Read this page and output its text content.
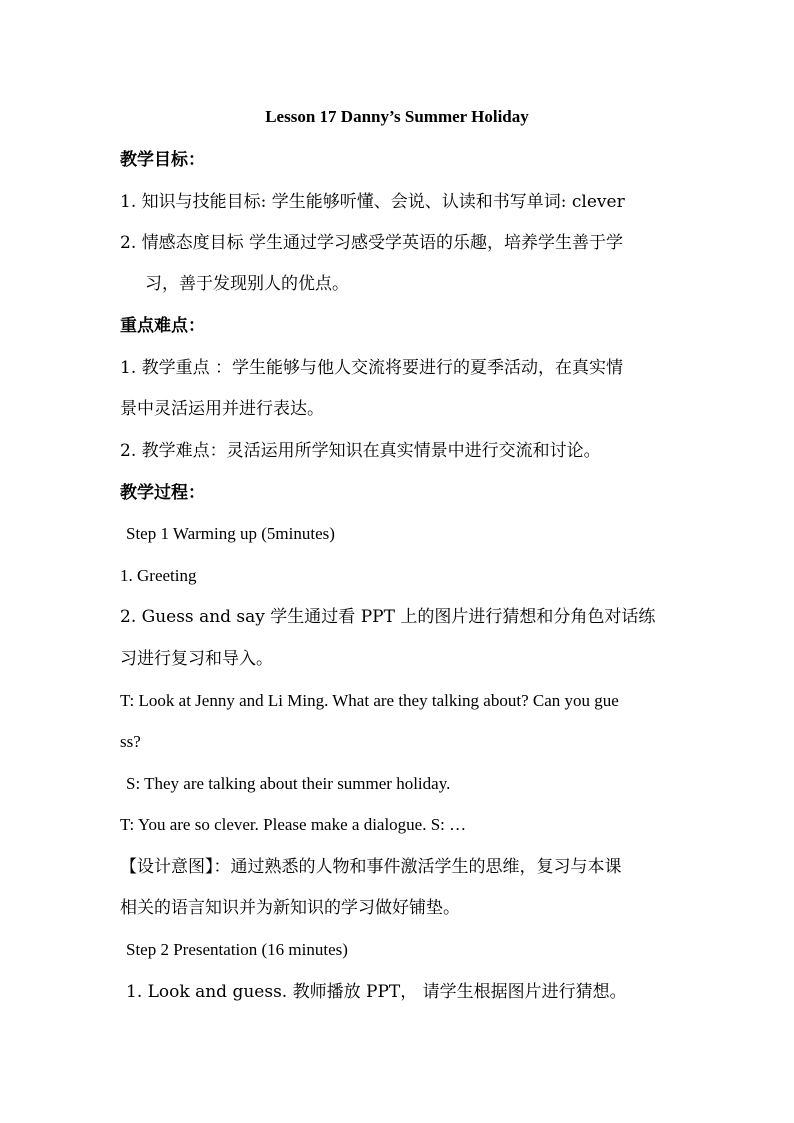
Lesson 17 Danny’s Summer Holiday
教学目标：
1. 知识与技能目标: 学生能够听懂、会说、认读和书写单词: clever
2. 情感态度目标 学生通过学习感受学英语的乐趣，培养学生善于学
习，善于发现别人的优点。
重点难点：
1. 教学重点 ：学生能够与他人交流将要进行的夏季活动，在真实情
景中灵活运用并进行表达。
2. 教学难点：灵活运用所学知识在真实情景中进行交流和讨论。
教学过程：
Step 1 Warming up (5minutes)
1. Greeting
2. Guess and say 学生通过看 PPT 上的图片进行猜想和分角色对话练
习进行复习和导入。
T: Look at Jenny and Li Ming. What are they talking about? Can you gue
ss?
S: They are talking about their summer holiday.
T: You are so clever. Please make a dialogue. S: …
【设计意图】：通过熟悉的人物和事件激活学生的思维，复习与本课
相关的语言知识并为新知识的学习做好铺垫。
Step 2 Presentation (16 minutes)
1. Look and guess. 教师播放 PPT， 请学生根据图片进行猜想。
